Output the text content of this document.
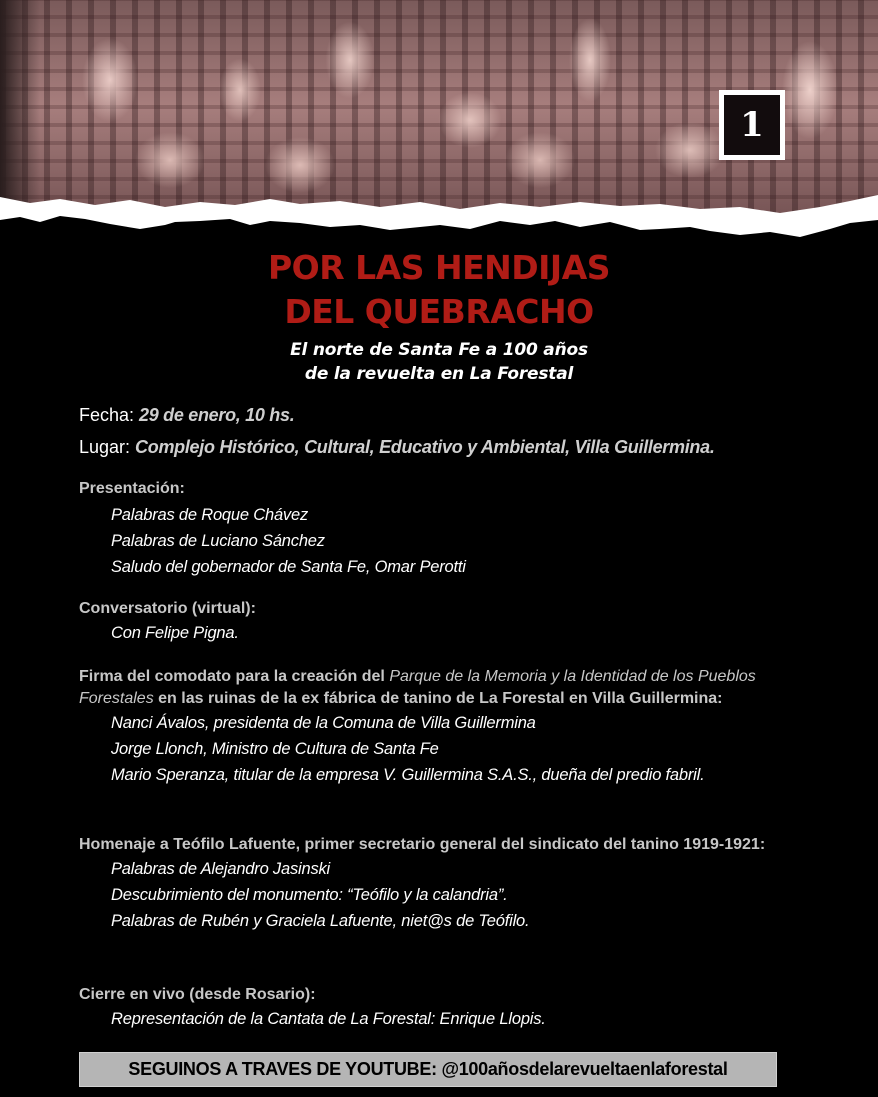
1
POR LAS HENDIJAS
DEL QUEBRACHO
El norte de Santa Fe a 100 años
de la revuelta en La Forestal
Fecha: 29 de enero, 10 hs.
Lugar: Complejo Histórico, Cultural, Educativo y Ambiental, Villa Guillermina.
Presentación:
Palabras de Roque Chávez
Palabras de Luciano Sánchez
Saludo del gobernador de Santa Fe, Omar Perotti
Conversatorio (virtual):
Con Felipe Pigna.
Firma del comodato para la creación del Parque de la Memoria y la Identidad de los Pueblos Forestales en las ruinas de la ex fábrica de tanino de La Forestal en Villa Guillermina:
Nanci Ávalos, presidenta de la Comuna de Villa Guillermina
Jorge Llonch, Ministro de Cultura de Santa Fe
Mario Speranza, titular de la empresa V. Guillermina S.A.S., dueña del predio fabril.
Homenaje a Teófilo Lafuente, primer secretario general del sindicato del tanino 1919-1921:
Palabras de Alejandro Jasinski
Descubrimiento del monumento: “Teófilo y la calandria”.
Palabras de Rubén y Graciela Lafuente, niet@s de Teófilo.
Cierre en vivo (desde Rosario):
Representación de la Cantata de La Forestal: Enrique Llopis.
SEGUINOS A TRAVES DE YOUTUBE: @100añosdelarevueltaenlaforestal
